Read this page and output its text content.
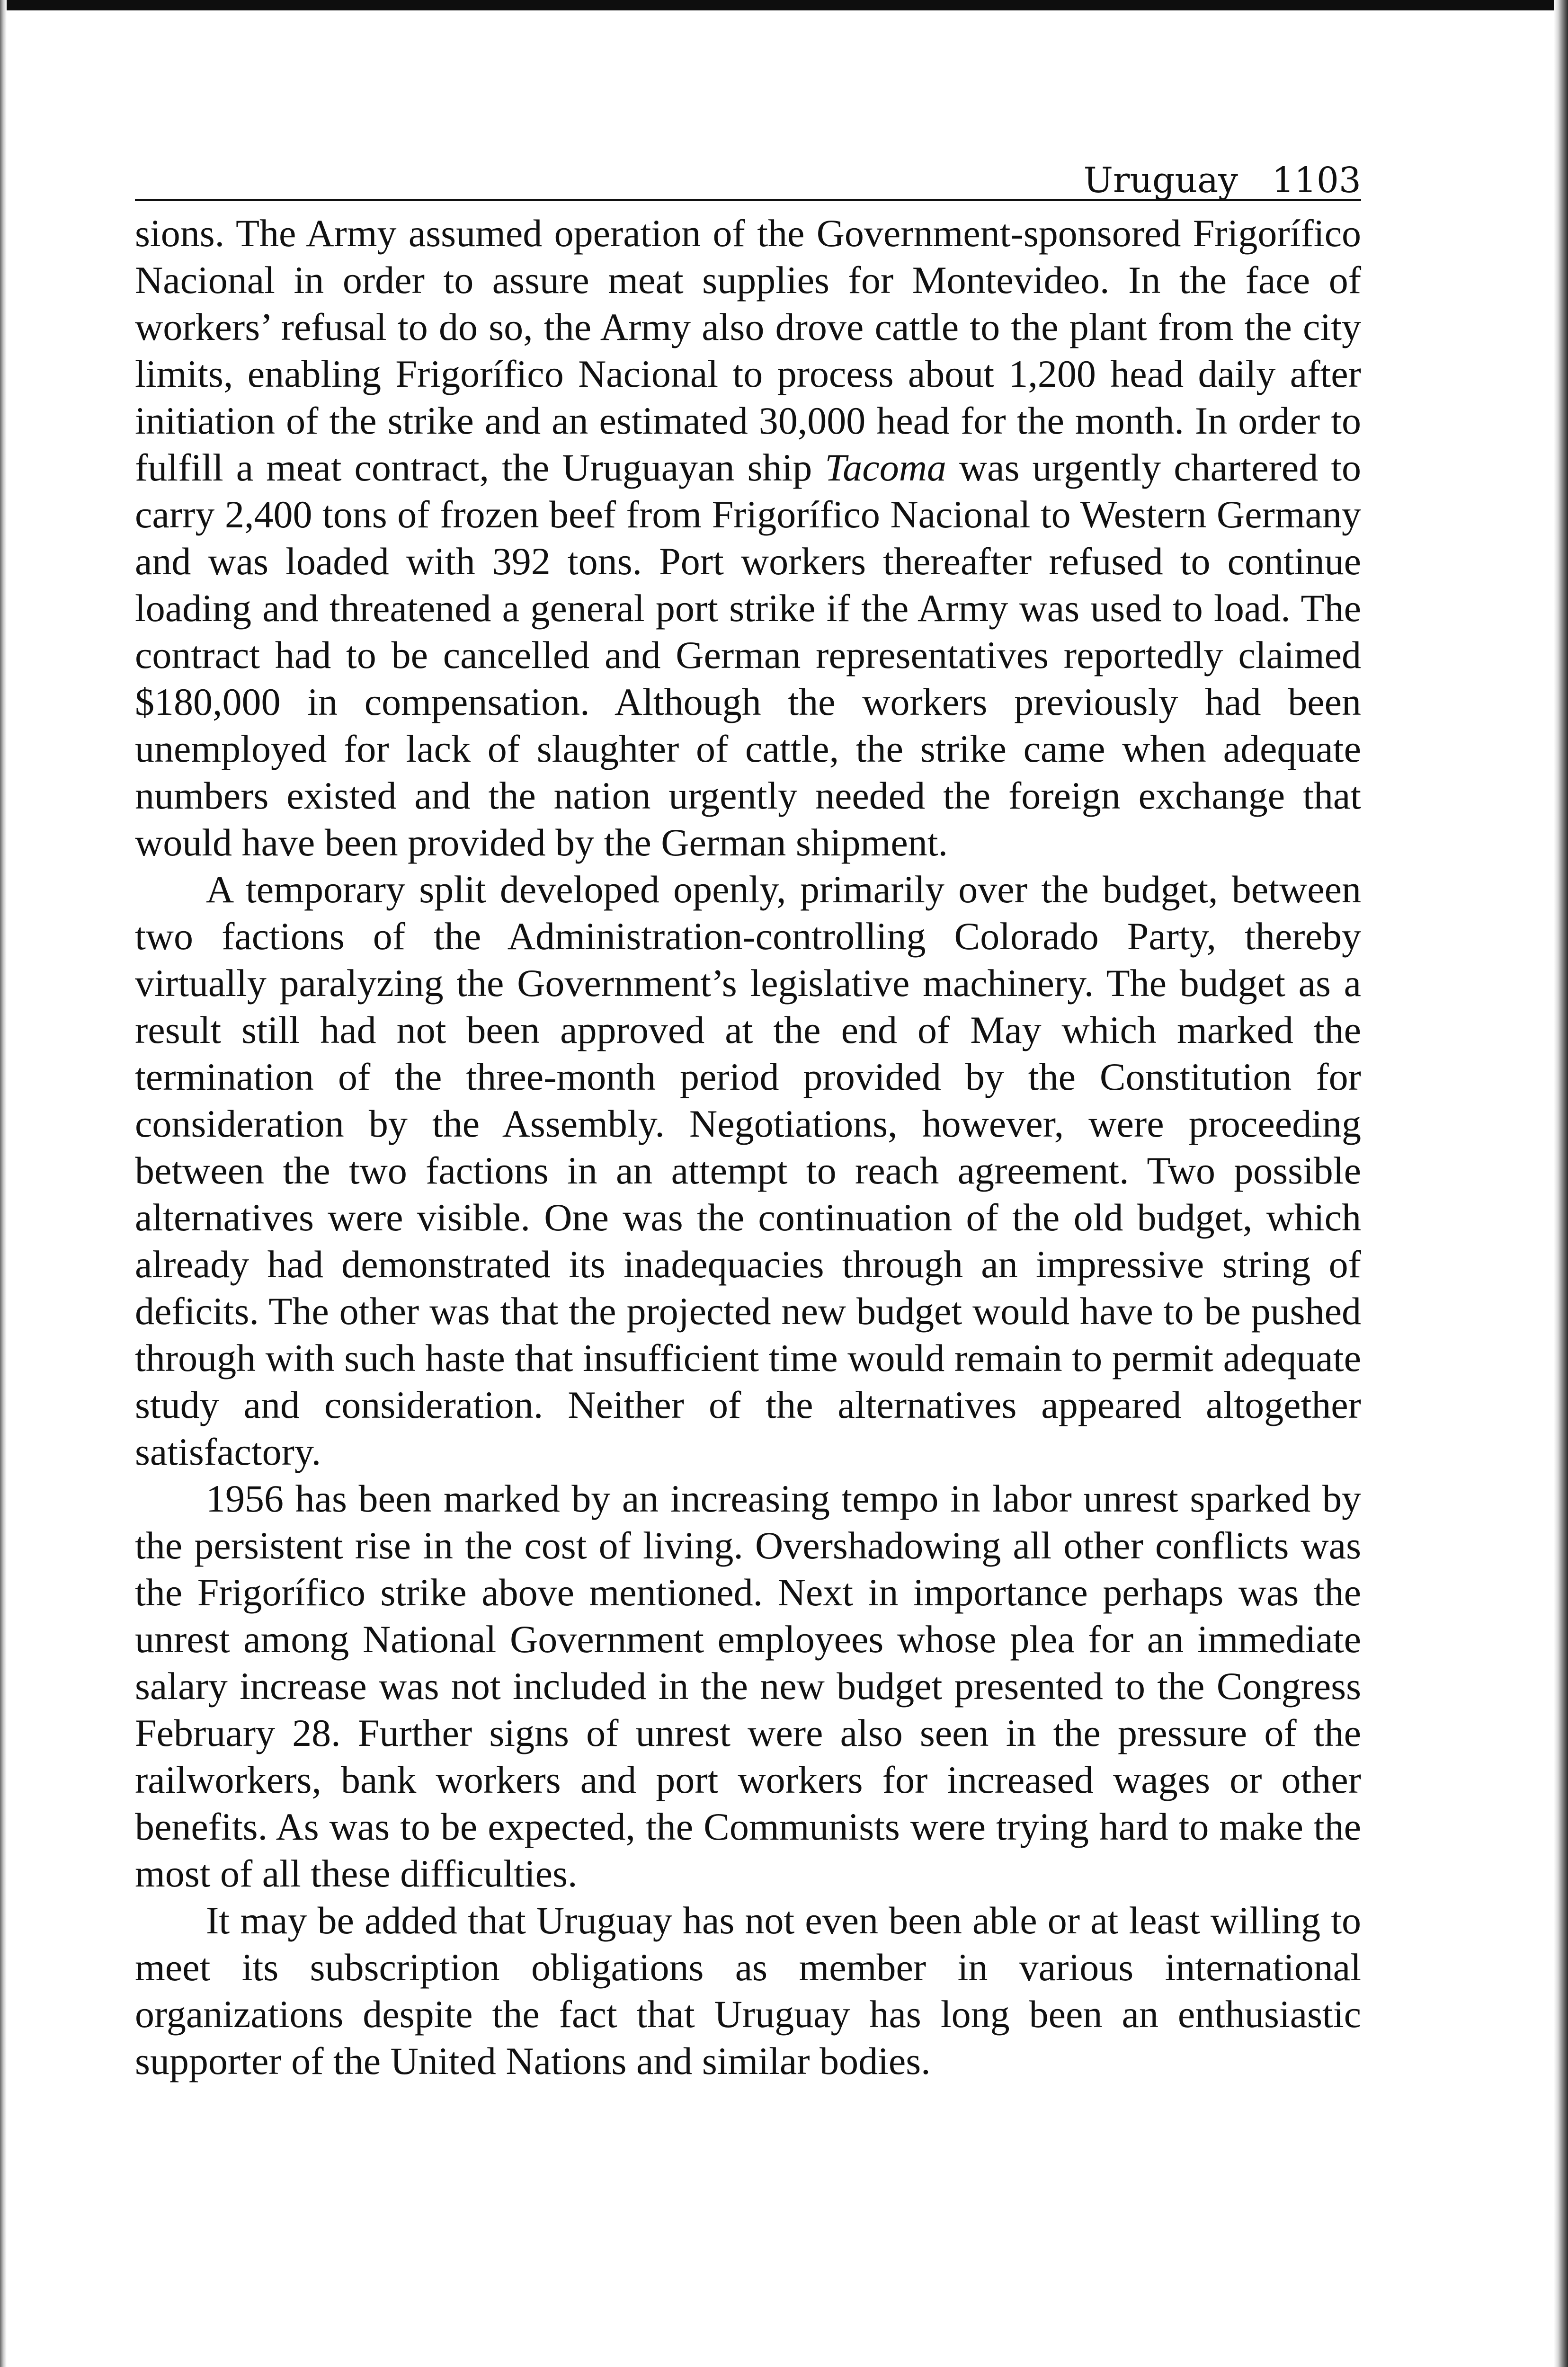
Uruguay 1103

sions. The Army assumed operation of the Government-sponsored Frigorífico Nacional in order to assure meat supplies for Montevideo. In the face of workers’ refusal to do so, the Army also drove cattle to the plant from the city limits, enabling Frigorífico Nacional to process about 1,200 head daily after initiation of the strike and an estimated 30,000 head for the month. In order to fulfill a meat contract, the Uruguayan ship Tacoma was urgently chartered to carry 2,400 tons of frozen beef from Frigorífico Nacional to Western Germany and was loaded with 392 tons. Port workers thereafter refused to continue loading and threatened a general port strike if the Army was used to load. The contract had to be cancelled and German representatives reportedly claimed $180,000 in compensation. Although the workers previously had been unemployed for lack of slaughter of cattle, the strike came when adequate numbers existed and the nation urgently needed the foreign exchange that would have been provided by the German shipment.

A temporary split developed openly, primarily over the budget, between two factions of the Administration-controlling Colorado Party, thereby virtually paralyzing the Government’s legislative machinery. The budget as a result still had not been approved at the end of May which marked the termination of the three-month period provided by the Constitution for consideration by the Assembly. Negotiations, however, were proceeding between the two factions in an attempt to reach agreement. Two possible alternatives were visible. One was the continuation of the old budget, which already had demonstrated its inadequacies through an impressive string of deficits. The other was that the projected new budget would have to be pushed through with such haste that insufficient time would remain to permit adequate study and consideration. Neither of the alternatives appeared altogether satisfactory.

1956 has been marked by an increasing tempo in labor unrest sparked by the persistent rise in the cost of living. Overshadowing all other conflicts was the Frigorífico strike above mentioned. Next in importance perhaps was the unrest among National Government employees whose plea for an immediate salary increase was not included in the new budget presented to the Congress February 28. Further signs of unrest were also seen in the pressure of the railworkers, bank workers and port workers for increased wages or other benefits. As was to be expected, the Communists were trying hard to make the most of all these difficulties.

It may be added that Uruguay has not even been able or at least willing to meet its subscription obligations as member in various international organizations despite the fact that Uruguay has long been an enthusiastic supporter of the United Nations and similar bodies.
